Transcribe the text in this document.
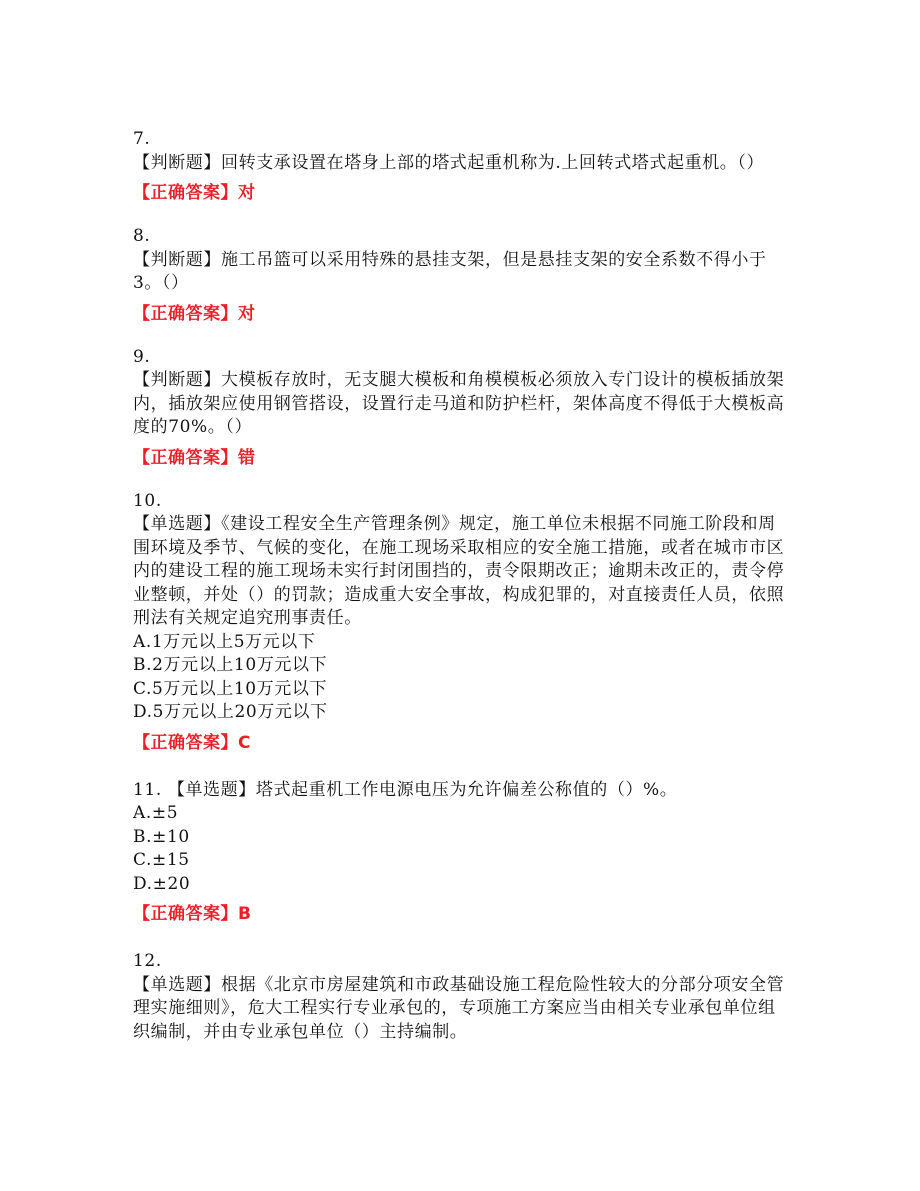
7.
【判断题】回转支承设置在塔身上部的塔式起重机称为.上回转式塔式起重机。（）
【正确答案】对
8.
【判断题】施工吊篮可以采用特殊的悬挂支架，但是悬挂支架的安全系数不得小于3。（）
【正确答案】对
9.
【判断题】大模板存放时，无支腿大模板和角模模板必须放入专门设计的模板插放架内，插放架应使用钢管搭设，设置行走马道和防护栏杆，架体高度不得低于大模板高度的70%。（）
【正确答案】错
10.
【单选题】《建设工程安全生产管理条例》规定，施工单位未根据不同施工阶段和周围环境及季节、气候的变化，在施工现场采取相应的安全施工措施，或者在城市市区内的建设工程的施工现场未实行封闭围挡的，责令限期改正；逾期未改正的，责令停业整顿，并处（）的罚款；造成重大安全事故，构成犯罪的，对直接责任人员，依照刑法有关规定追究刑事责任。
A.1万元以上5万元以下
B.2万元以上10万元以下
C.5万元以上10万元以下
D.5万元以上20万元以下
【正确答案】C
11. 【单选题】塔式起重机工作电源电压为允许偏差公称值的（）%。
A.±5
B.±10
C.±15
D.±20
【正确答案】B
12.
【单选题】根据《北京市房屋建筑和市政基础设施工程危险性较大的分部分项安全管理实施细则》，危大工程实行专业承包的，专项施工方案应当由相关专业承包单位组织编制，并由专业承包单位（）主持编制。
